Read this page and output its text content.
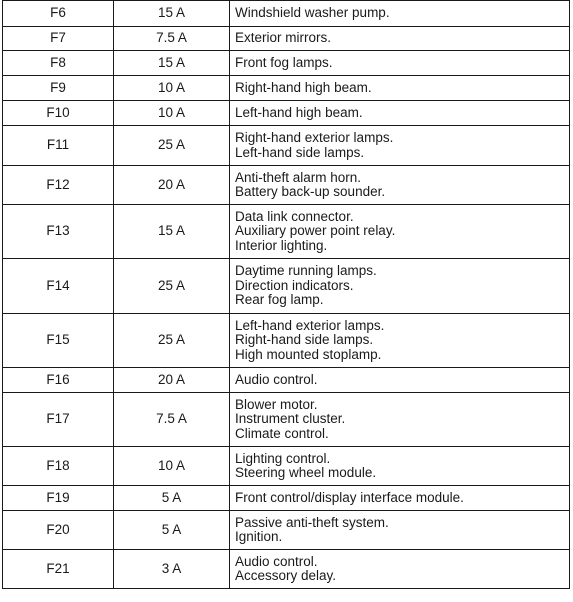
F6	15 A	Windshield washer pump.

F7	7.5 A	Exterior mirrors.

F8	15 A	Front fog lamps.

F9	10 A	Right-hand high beam.

F10	10 A	Left-hand high beam.

F11	25 A	Right-hand exterior lamps.
Left-hand side lamps.

F12	20 A	Anti-theft alarm horn.
Battery back-up sounder.

F13	15 A	Data link connector.
Auxiliary power point relay.
Interior lighting.

F14	25 A	Daytime running lamps.
Direction indicators.
Rear fog lamp.

F15	25 A	Left-hand exterior lamps.
Right-hand side lamps.
High mounted stoplamp.

F16	20 A	Audio control.

F17	7.5 A	Blower motor.
Instrument cluster.
Climate control.

F18	10 A	Lighting control.
Steering wheel module.

F19	5 A	Front control/display interface module.

F20	5 A	Passive anti-theft system.
Ignition.

F21	3 A	Audio control.
Accessory delay.
